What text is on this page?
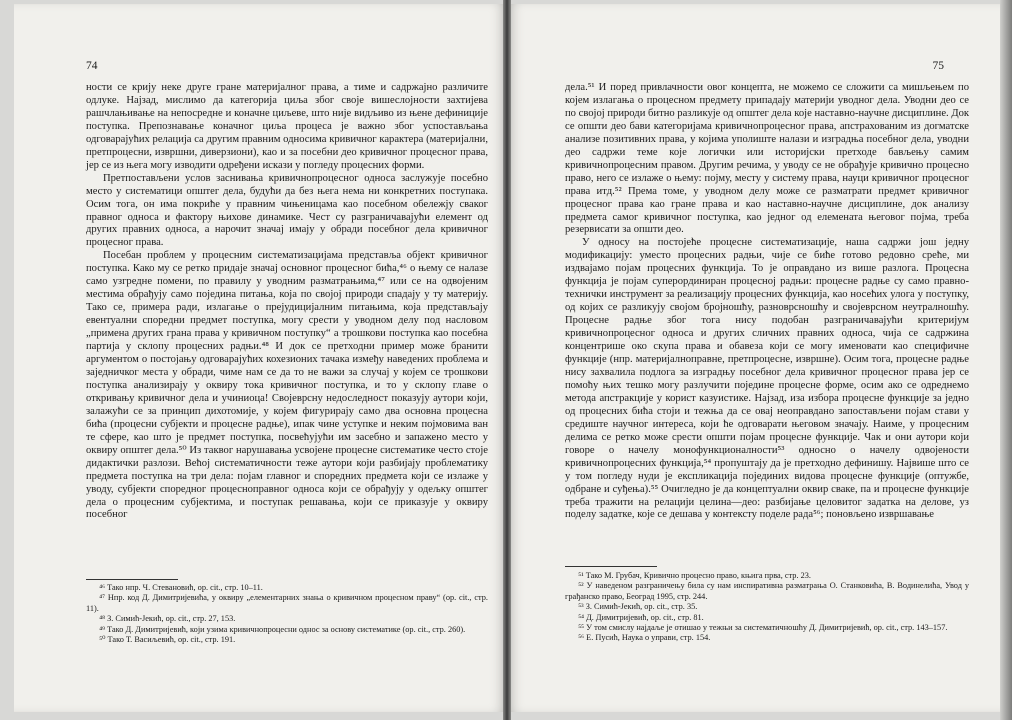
74

ности се крију неке друге гране материјалног права, а тиме и садржајно различите одлуке. Најзад, мислимо да категорија циља због своје вишеслојности захтијева рашчлањивање на непосредне и коначне циљеве, што није видљиво из њене дефиниције поступка. Препознавање коначног циља процеса је важно због успостављања одговарајућих релација са другим правним односима кривичног карактера (материјални, претпроцесни, извршни, диверзиони), као и за посебни део кривичног процесног права, јер се из њега могу изводити одређени искази у погледу процесних форми.

Претпостављени услов заснивања кривичнопроцесног односа заслужује посебно место у систематици општег дела, будући да без њега нема ни конкретних поступака. Осим тога, он има покриће у правним чињеницама као посебном обележју сваког правног односа и фактору њихове динамике. Чест су разграничавајући елемент од других правних односа, а нарочит значај имају у обради посебног дела кривичног процесног права.

Посебан проблем у процесним систематизацијама представља објект кривичног поступка. Како му се ретко придаје значај основног процесног бића,⁴⁶ о њему се налазе само узгредне помени, по правилу у уводним разматрањима,⁴⁷ или се на одвојеним местима обрађују само поједина питања, која по својој природи спадају у ту материју. Тако се, примера ради, излагање о прејудицијалним питањима, која представљају евентуални споредни предмет поступка, могу срести у уводном делу под насловом „примена других грана права у кривичном поступку“ а трошкови поступка као посебна партија у склопу процесних радњи.⁴⁸ И док се претходни пример може бранити аргументом о постојању одговарајућих кохезионих тачака између наведених проблема и заједничког места у обради, чиме нам се да то не важи за случај у којем се трошкови поступка анализирају у оквиру тока кривичног поступка, и то у склопу главе о откривању кривичног дела и учиниоца! Својеврсну недоследност показују аутори који, залажући се за принцип дихотомије, у којем фигурирају само два основна процесна бића (процесни субјекти и процесне радње), ипак чине уступке и неким појмовима ван те сфере, као што је предмет поступка, посвећујући им засебно и запажено место у оквиру општег дела.⁵⁰ Из таквог нарушавања усвојене процесне систематике често стоје дидактички разлози. Већој систематичности теже аутори који разбијају проблематику предмета поступка на три дела: појам главног и споредних предмета који се излаже у уводу, субјекти споредног процесноправног односа који се обрађују у одељку општег дела о процесним субјектима, и поступак решавања, који се приказује у оквиру посебног

⁴⁶ Тако нпр. Ч. Стевановић, op. cit., стр. 10–11.

⁴⁷ Нпр. код Д. Димитријевића, у оквиру „елементарних знања о кривичном процесном праву“ (op. cit., стр. 11).

⁴⁸ З. Симић-Јекић, op. cit., стр. 27, 153.

⁴⁹ Тако Д. Димитријевић, који узима кривичнопроцесни однос за основу систематике (op. cit., стр. 260).

⁵⁰ Тако Т. Васиљевић, op. cit., стр. 191.

75

дела.⁵¹ И поред привлачности овог концепта, не можемо се сложити са мишљењем по којем излагања о процесном предмету припадају материји уводног дела. Уводни део се по својој природи битно разликује од општег дела које наставно-научне дисциплине. Док се општи део бави категоријама кривичнопроцесног права, апстрахованим из догматске анализе позитивних права, у којима уполиште налази и изградња посебног дела, уводни део садржи теме које логички или историјски претходе бављењу самим кривичнопроцесним правом. Другим речима, у уводу се не обрађује кривично процесно право, него се излаже о њему: појму, месту у систему права, науци кривичног процесног права итд.⁵² Према томе, у уводном делу може се разматрати предмет кривичног процесног права као гране права и као наставно-научне дисциплине, док анализу предмета самог кривичног поступка, као једног од елемената његовог појма, треба резервисати за општи део.

У односу на постојеће процесне систематизације, наша садржи још једну модификацију: уместо процесних радњи, чије се биће готово редовно среће, ми издвајамо појам процесних функција. То је оправдано из више разлога. Процесна функција је појам суперординиран процесној радњи: процесне радње су само правно-технички инструмент за реализацију процесних функција, као носећих улога у поступку, од којих се разликују својом бројношћу, разноврсношћу и својеврсном неутралношћу. Процесне радње због тога нису подобан разграничавајући критеријум кривичнопроцесног односа и других сличних правних односа, чија се садржина концентрише око скупа права и обавеза који се могу именовати као специфичне функције (нпр. материјалноправне, претпроцесне, извршне). Осим тога, процесне радње нису захвалила подлога за изградњу посебног дела кривичног процесног права јер се помоћу њих тешко могу разлучити поједине процесне форме, осим ако се одреднемо метода апстракције у корист казуистике. Најзад, иза избора процесне функције за једно од процесних бића стоји и тежња да се овај неоправдано запостављени појам стави у средиште научног интереса, који ће одговарати његовом значају. Наиме, у процесним делима се ретко може срести општи појам процесне функције. Чак и они аутори који говоре о начелу монофункционалности⁵³ односно о начелу одвојености кривичнопроцесних функција,⁵⁴ пропуштају да је претходно дефинишу. Највише што се у том погледу нуди је експликација појединих видова процесне функције (оптужбе, одбране и суђења).⁵⁵ Очигледно је да концептуални оквир сваке, па и процесне функције треба тражити на релацији целина—део: разбијање целовитог задатка на делове, уз поделу задатке, које се дешава у контексту поделе рада⁵⁶; поновљено извршавање

⁵¹ Тако М. Грубач, Кривично процесно право, књига прва, стр. 23.

⁵² У наведеном разграничењу била су нам инспиративна разматрања О. Станковића, В. Водинелића, Увод у грађанско право, Београд 1995, стр. 244.

⁵³ З. Симић-Јекић, op. cit., стр. 35.

⁵⁴ Д. Димитријевић, op. cit., стр. 81.

⁵⁵ У том смислу најдаље је отишао у тежњи за систематичношћу Д. Димитријевић, op. cit., стр. 143–157.

⁵⁶ Е. Пусић, Наука о управи, стр. 154.
